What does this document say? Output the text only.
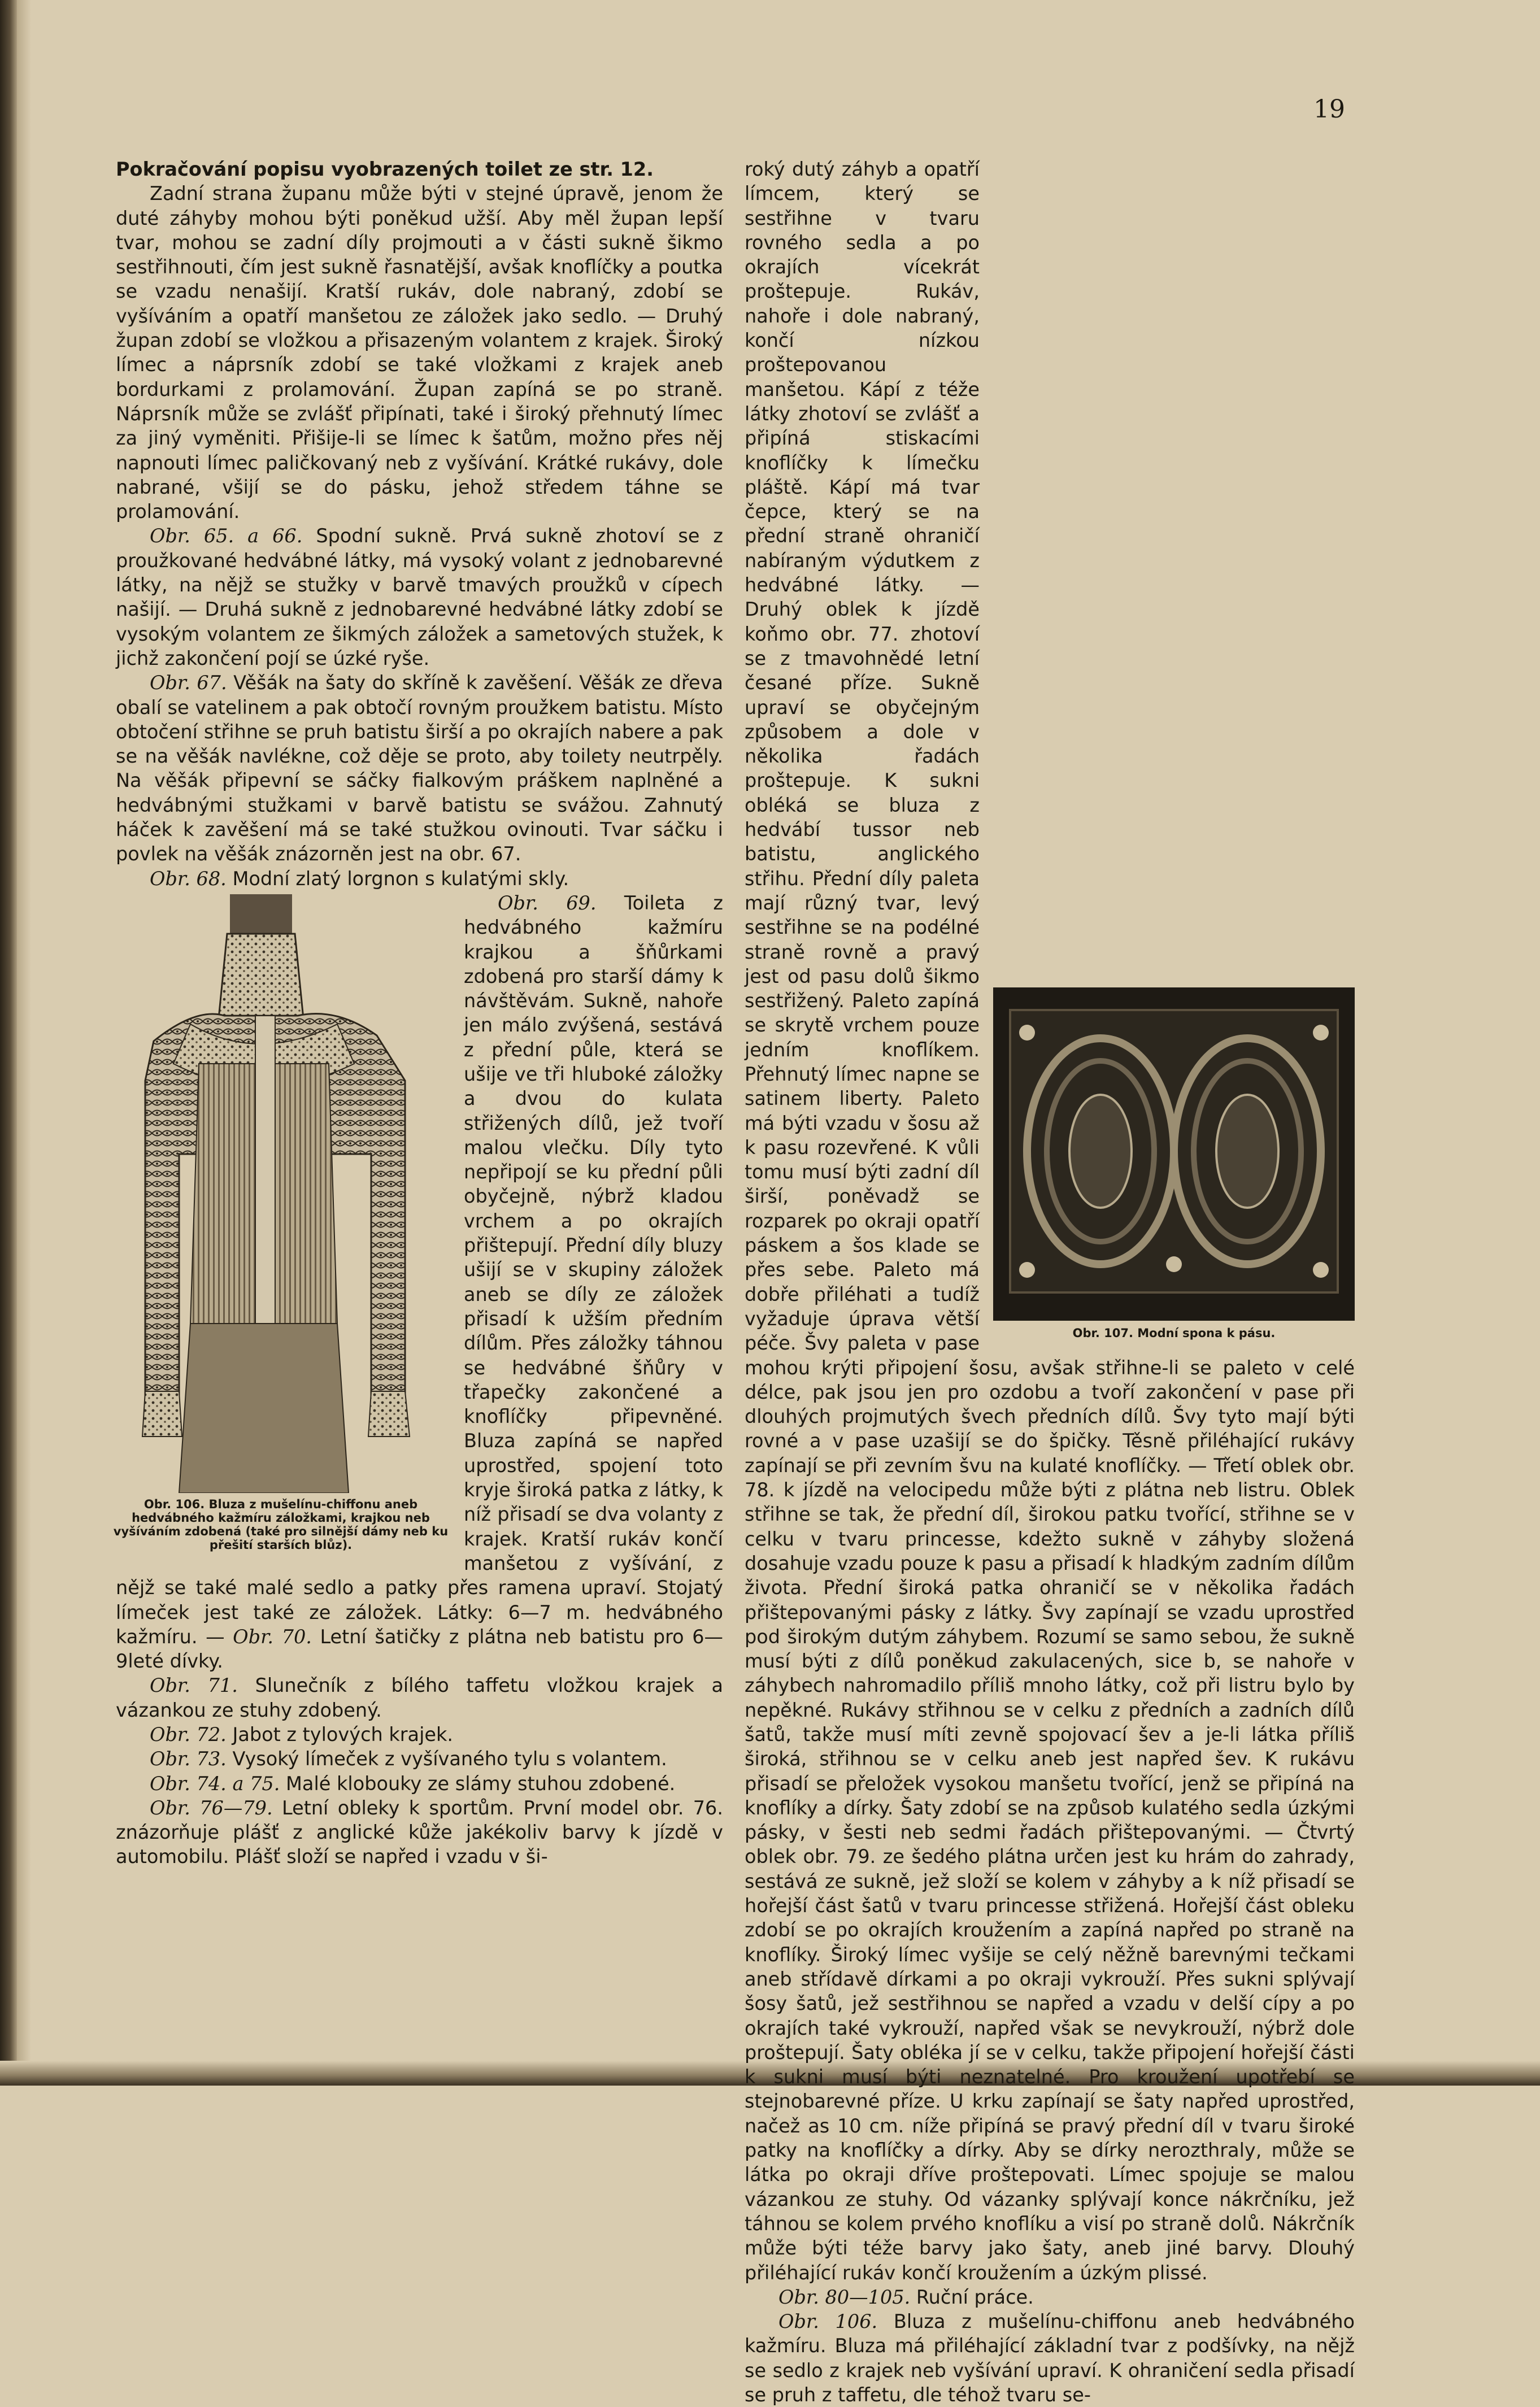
19

Pokračování popisu vyobrazených toilet ze str. 12.

Zadní strana županu může býti v stejné úpravě, jenom že duté záhyby mohou býti poněkud užší. Aby měl župan lepší tvar, mohou se zadní díly projmouti a v části sukně šikmo sestřihnouti, čím jest sukně řasnatější, avšak knoflíčky a poutka se vzadu nenašijí. Kratší rukáv, dole nabraný, zdobí se vyšíváním a opatří manšetou ze záložek jako sedlo. — Druhý župan zdobí se vložkou a přisazeným volantem z krajek. Široký límec a náprsník zdobí se také vložkami z krajek aneb bordurkami z prolamování. Župan zapíná se po straně. Náprsník může se zvlášť připínati, také i široký přehnutý límec za jiný vyměniti. Přišije-li se límec k šatům, možno přes něj napnouti límec paličkovaný neb z vyšívání. Krátké rukávy, dole nabrané, všijí se do pásku, jehož středem táhne se prolamování.

Obr. 65. a 66. Spodní sukně. Prvá sukně zhotoví se z proužkované hedvábné látky, má vysoký volant z jednobarevné látky, na nějž se stužky v barvě tmavých proužků v cípech našijí. — Druhá sukně z jednobarevné hedvábné látky zdobí se vysokým volantem ze šikmých záložek a sametových stužek, k jichž zakončení pojí se úzké ryše.

Obr. 67. Věšák na šaty do skříně k zavěšení. Věšák ze dřeva obalí se vatelinem a pak obtočí rovným proužkem batistu. Místo obtočení střihne se pruh batistu širší a po okrajích nabere a pak se na věšák navlékne, což děje se proto, aby toilety neutrpěly. Na věšák připevní se sáčky fialkovým práškem naplněné a hedvábnými stužkami v barvě batistu se svážou. Zahnutý háček k zavěšení má se také stužkou ovinouti. Tvar sáčku i povlek na věšák znázorněn jest na obr. 67.

Obr. 68. Modní zlatý lorgnon s kulatými skly.

Obr. 106. Bluza z mušelínu-chiffonu aneb hedvábného kažmíru záložkami, krajkou neb vyšíváním zdobená (také pro silnější dámy neb ku přešití starších blůz).

Obr. 69. Toileta z hedvábného kažmíru krajkou a šňůrkami zdobená pro starší dámy k návštěvám. Sukně, nahoře jen málo zvýšená, sestává z přední půle, která se ušije ve tři hluboké záložky a dvou do kulata střižených dílů, jež tvoří malou vlečku. Díly tyto nepřipojí se ku přední půli obyčejně, nýbrž kladou vrchem a po okrajích přištepují. Přední díly bluzy ušijí se v skupiny záložek aneb se díly ze záložek přisadí k užším předním dílům. Přes záložky táhnou se hedvábné šňůry v třapečky zakončené a knoflíčky připevněné. Bluza zapíná se napřed uprostřed, spojení toto kryje široká patka z látky, k níž přisadí se dva volanty z krajek. Kratší rukáv končí manšetou z vyšívání, z nějž se také malé sedlo a patky přes ramena upraví. Stojatý límeček jest také ze záložek. Látky: 6—7 m. hedvábného kažmíru. — Obr. 70. Letní šatičky z plátna neb batistu pro 6—9leté dívky.

Obr. 71. Slunečník z bílého taffetu vložkou krajek a vázankou ze stuhy zdobený.

Obr. 72. Jabot z tylových krajek.

Obr. 73. Vysoký límeček z vyšívaného tylu s volantem.

Obr. 74. a 75. Malé klobouky ze slámy stuhou zdobené.

Obr. 76—79. Letní obleky k sportům. První model obr. 76. znázorňuje plášť z anglické kůže jakékoliv barvy k jízdě v automobilu. Plášť složí se napřed i vzadu v ši-

Obr. 107. Modní spona k pásu.

roký dutý záhyb a opatří límcem, který se sestřihne v tvaru rovného sedla a po okrajích vícekrát proštepuje. Rukáv, nahoře i dole nabraný, končí nízkou proštepovanou manšetou. Kápí z téže látky zhotoví se zvlášť a připíná stiskacími knoflíčky k límečku pláště. Kápí má tvar čepce, který se na přední straně ohraničí nabíraným výdutkem z hedvábné látky. — Druhý oblek k jízdě koňmo obr. 77. zhotoví se z tmavohnědé letní česané příze. Sukně upraví se obyčejným způsobem a dole v několika řadách proštepuje. K sukni obléká se bluza z hedvábí tussor neb batistu, anglického střihu. Přední díly paleta mají různý tvar, levý sestřihne se na podélné straně rovně a pravý jest od pasu dolů šikmo sestřižený. Paleto zapíná se skrytě vrchem pouze jedním knoflíkem. Přehnutý límec napne se satinem liberty. Paleto má býti vzadu v šosu až k pasu rozevřené. K vůli tomu musí býti zadní díl širší, poněvadž se rozparek po okraji opatří páskem a šos klade se přes sebe. Paleto má dobře přiléhati a tudíž vyžaduje úprava větší péče. Švy paleta v pase mohou krýti připojení šosu, avšak střihne-li se paleto v celé délce, pak jsou jen pro ozdobu a tvoří zakončení v pase při dlouhých projmutých švech předních dílů. Švy tyto mají býti rovné a v pase uzašijí se do špičky. Těsně přiléhající rukávy zapínají se při zevním švu na kulaté knoflíčky. — Třetí oblek obr. 78. k jízdě na velocipedu může býti z plátna neb listru. Oblek střihne se tak, že přední díl, širokou patku tvořící, střihne se v celku v tvaru princesse, kdežto sukně v záhyby složená dosahuje vzadu pouze k pasu a přisadí k hladkým zadním dílům života. Přední široká patka ohraničí se v několika řadách přištepovanými pásky z látky. Švy zapínají se vzadu uprostřed pod širokým dutým záhybem. Rozumí se samo sebou, že sukně musí býti z dílů poněkud zakulacených, sice b, se nahoře v záhybech nahromadilo příliš mnoho látky, což při listru bylo by nepěkné. Rukávy střihnou se v celku z předních a zadních dílů šatů, takže musí míti zevně spojovací šev a je-li látka příliš široká, střihnou se v celku aneb jest napřed šev. K rukávu přisadí se přeložek vysokou manšetu tvořící, jenž se připíná na knoflíky a dírky. Šaty zdobí se na způsob kulatého sedla úzkými pásky, v šesti neb sedmi řadách přištepovanými. — Čtvrtý oblek obr. 79. ze šedého plátna určen jest ku hrám do zahrady, sestává ze sukně, jež složí se kolem v záhyby a k níž přisadí se hořejší část šatů v tvaru princesse střižená. Hořejší část obleku zdobí se po okrajích kroužením a zapíná napřed po straně na knoflíky. Široký límec vyšije se celý něžně barevnými tečkami aneb střídavě dírkami a po okraji vykrouží. Přes sukni splývají šosy šatů, jež sestřihnou se napřed a vzadu v delší cípy a po okrajích také vykrouží, napřed však se nevykrouží, nýbrž dole proštepují. Šaty obléka jí se v celku, takže připojení hořejší části k sukni musí býti neznatelné. Pro kroužení upotřebí se stejnobarevné příze. U krku zapínají se šaty napřed uprostřed, načež as 10 cm. níže připíná se pravý přední díl v tvaru široké patky na knoflíčky a dírky. Aby se dírky nerozthraly, může se látka po okraji dříve proštepovati. Límec spojuje se malou vázankou ze stuhy. Od vázanky splývají konce nákrčníku, jež táhnou se kolem prvého knoflíku a visí po straně dolů. Nákrčník může býti téže barvy jako šaty, aneb jiné barvy. Dlouhý přiléhající rukáv končí kroužením a úzkým plissé.

Obr. 80—105. Ruční práce.

Obr. 106. Bluza z mušelínu-chiffonu aneb hedvábného kažmíru. Bluza má přiléhající základní tvar z podšívky, na nějž se sedlo z krajek neb vyšívání upraví. K ohraničení sedla přisadí se pruh z taffetu, dle téhož tvaru se-
